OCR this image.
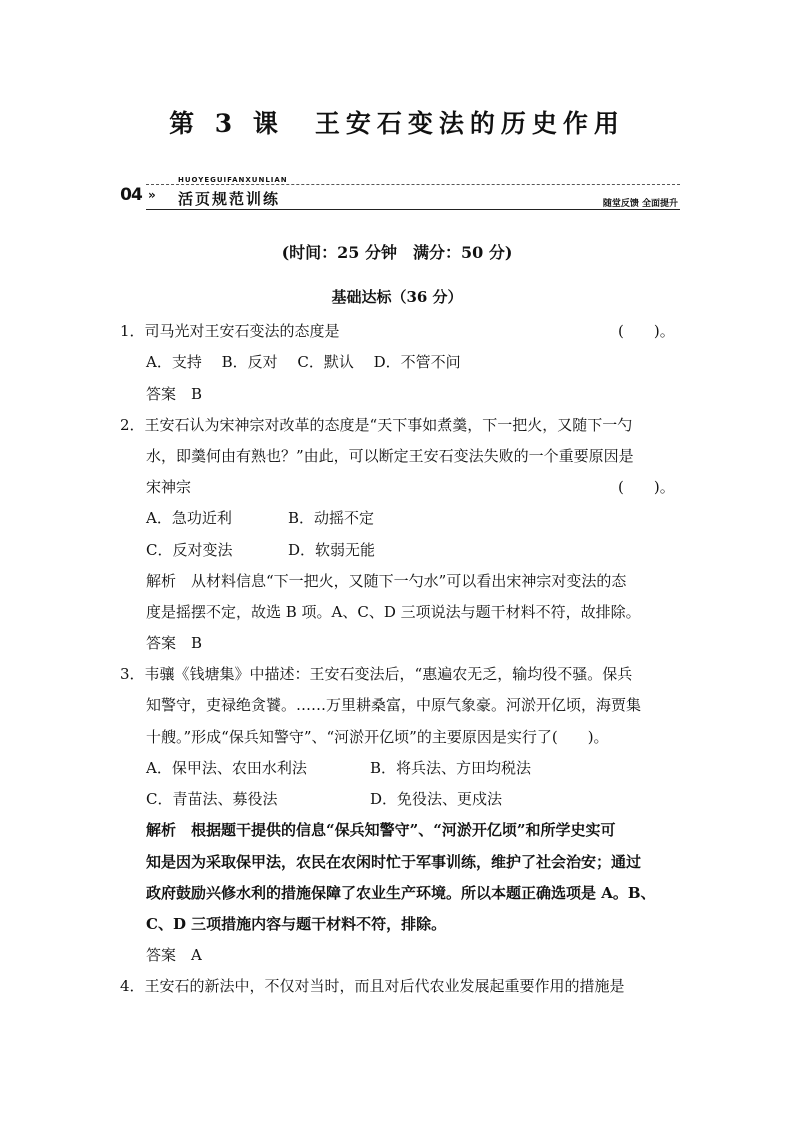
第 3 课　王安石变法的历史作用
04 »
HUOYEGUIFANXUNLIAN
活页规范训练	随堂反馈 全面提升
(时间：25 分钟　满分：50 分)
基础达标（36 分）
1．司马光对王安石变法的态度是	(　　)。
A．支持　 B．反对　 C．默认　 D．不管不问
答案　B
2．王安石认为宋神宗对改革的态度是“天下事如煮羹，下一把火，又随下一勺
水，即羹何由有熟也？”由此，可以断定王安石变法失败的一个重要原因是
宋神宗	(　　)。
A．急功近利	B．动摇不定
C．反对变法	D．软弱无能
解析　从材料信息“下一把火，又随下一勺水”可以看出宋神宗对变法的态
度是摇摆不定，故选 B 项。A、C、D 三项说法与题干材料不符，故排除。
答案　B
3．韦骧《钱塘集》中描述：王安石变法后，“惠遍农无乏，输均役不骚。保兵
知警守，吏禄绝贪饕。……万里耕桑富，中原气象豪。河淤开亿顷，海贾集
十艘。”形成“保兵知警守”、“河淤开亿顷”的主要原因是实行了(　　)。
A．保甲法、农田水利法	B．将兵法、方田均税法
C．青苗法、募役法	D．免役法、更戍法
解析　根据题干提供的信息“保兵知警守”、“河淤开亿顷”和所学史实可
知是因为采取保甲法，农民在农闲时忙于军事训练，维护了社会治安；通过
政府鼓励兴修水利的措施保障了农业生产环境。所以本题正确选项是 A。B、
C、D 三项措施内容与题干材料不符，排除。
答案　A
4．王安石的新法中，不仅对当时，而且对后代农业发展起重要作用的措施是
